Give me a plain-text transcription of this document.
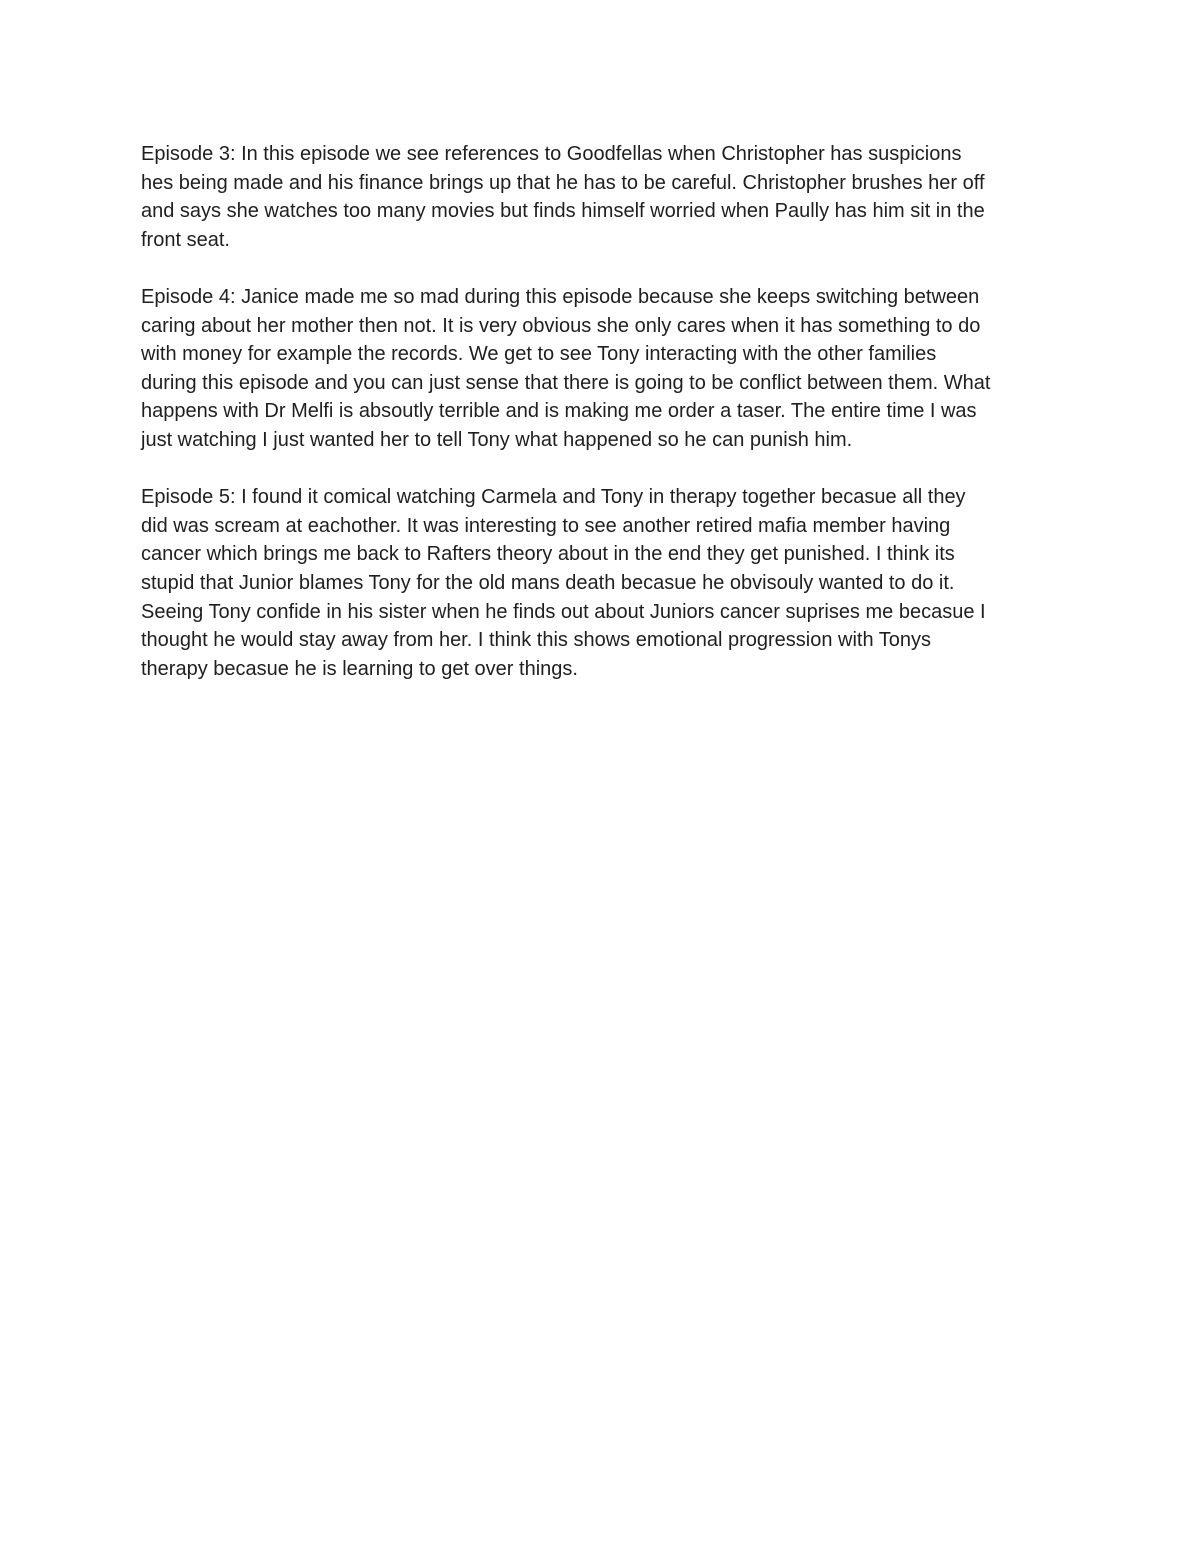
Episode 3: In this episode we see references to Goodfellas when Christopher has suspicions
hes being made and his finance brings up that he has to be careful. Christopher brushes her off
and says she watches too many movies but finds himself worried when Paully has him sit in the
front seat.
Episode 4: Janice made me so mad during this episode because she keeps switching between
caring about her mother then not. It is very obvious she only cares when it has something to do
with money for example the records. We get to see Tony interacting with the other families
during this episode and you can just sense that there is going to be conflict between them. What
happens with Dr Melfi is absoutly terrible and is making me order a taser. The entire time I was
just watching I just wanted her to tell Tony what happened so he can punish him.
Episode 5: I found it comical watching Carmela and Tony in therapy together becasue all they
did was scream at eachother. It was interesting to see another retired mafia member having
cancer which brings me back to Rafters theory about in the end they get punished. I think its
stupid that Junior blames Tony for the old mans death becasue he obvisouly wanted to do it.
Seeing Tony confide in his sister when he finds out about Juniors cancer suprises me becasue I
thought he would stay away from her. I think this shows emotional progression with Tonys
therapy becasue he is learning to get over things.
